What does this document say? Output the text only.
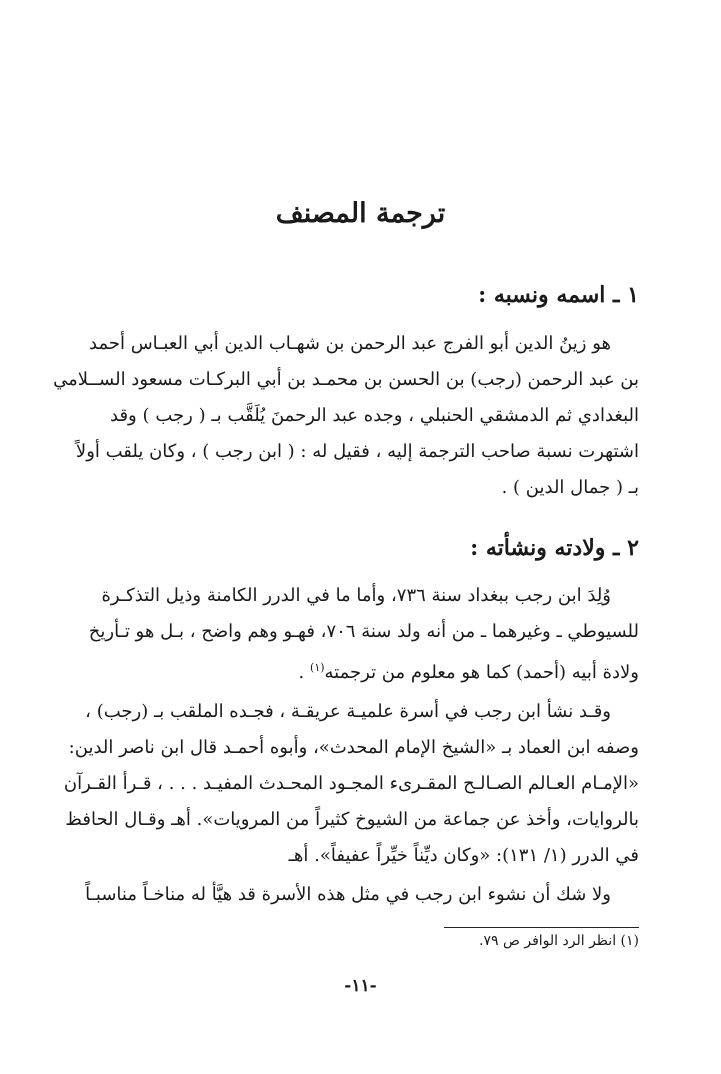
ترجمة المصنف
١ ـ اسمه ونسبه :
هو زينُ الدين أبو الفرج عبد الرحمن بن شهـاب الدين أبي العبـاس أحمد
بن عبد الرحمن (رجب) بن الحسن بن محمـد بن أبي البركـات مسعود الســلامي
البغدادي ثم الدمشقي الحنبلي ، وجده عبد الرحمنَ يُلَقَّب بـ ( رجب ) وقد
اشتهرت نسبة صاحب الترجمة إليه ، فقيل له : ( ابن رجب ) ، وكان يلقب أولاً
بـ ( جمال الدين ) .
٢ ـ ولادته ونشأته :
وُلِدَ ابن رجب ببغداد سنة ٧٣٦، وأما ما في الدرر الكامنة وذيل التذكـرة
للسيوطي ـ وغيرهما ـ من أنه ولد سنة ٧٠٦، فهـو وهم واضح ، بـل هو تـأريخ
ولادة أبيه (أحمد) كما هو معلوم من ترجمته$^{(١)}$ .
وقـد نشأ ابن رجب في أسرة علميـة عريقـة ، فجـده الملقب بـ (رجب) ،
وصفه ابن العماد بـ «الشيخ الإمام المحدث»، وأبوه أحمـد قال ابن ناصر الدين:
«الإمـام العـالم الصـالـح المقـرىء المجـود المحـدث المفيـد . . . ، قـرأ القـرآن
بالروايات، وأخذ عن جماعة من الشيوخ كثيراً من المرويات». أهـ وقـال الحافظ
في الدرر (١/ ١٣١): «وكان ديِّناً خيِّراً عفيفاً». أهـ
ولا شك أن نشوء ابن رجب في مثل هذه الأسرة قد هيَّأ له مناخـاً مناسبـاً
(١) انظر الرد الوافر ص ٧٩.
-١١-
